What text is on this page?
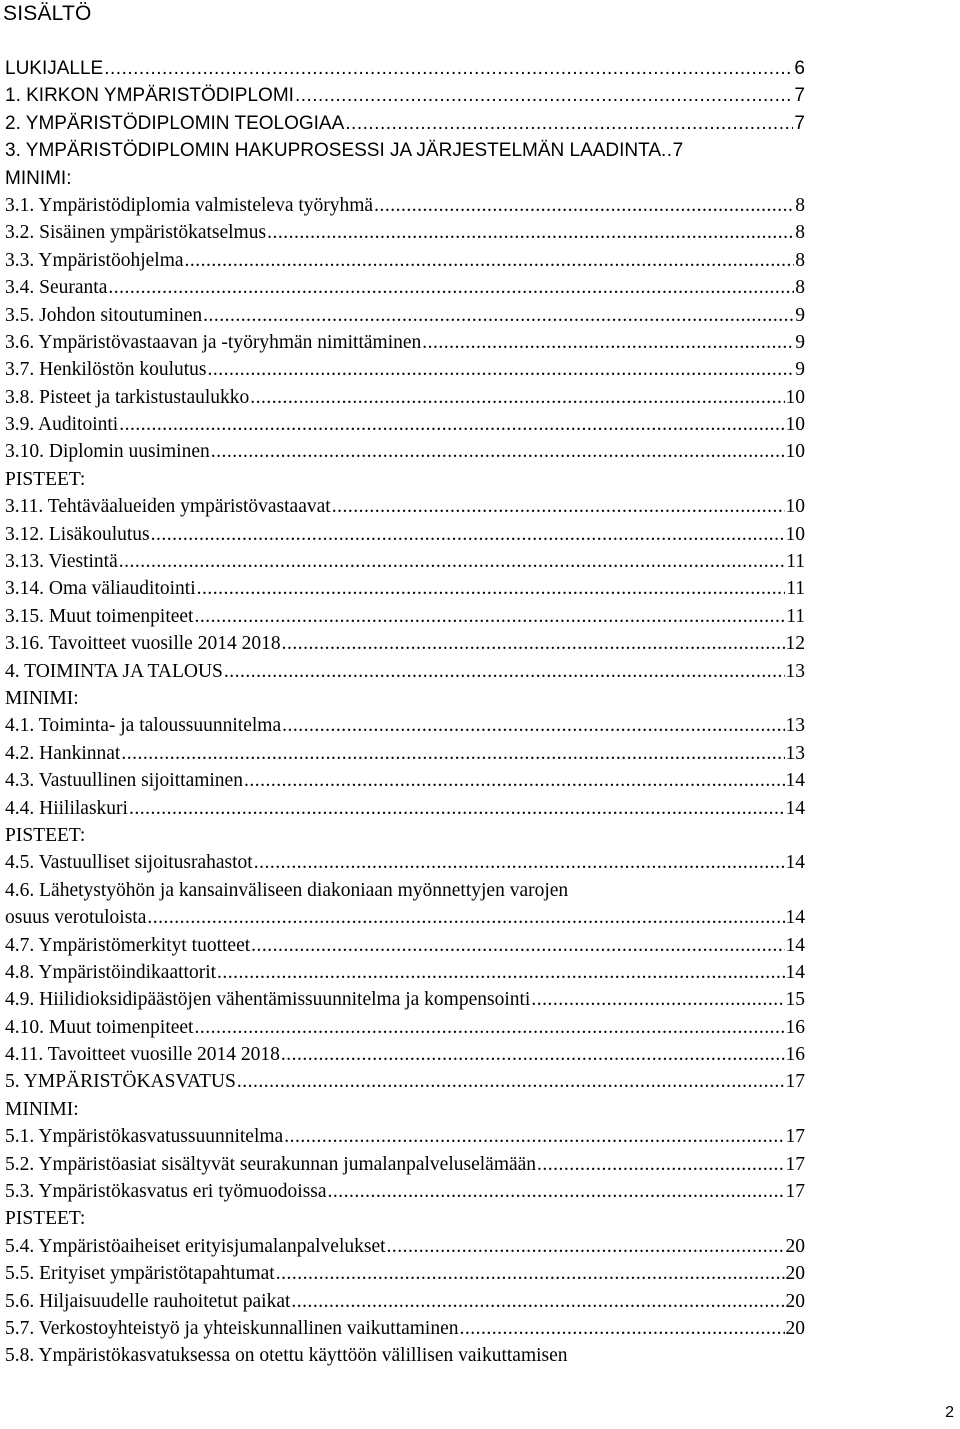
SISÄLTÖ
LUKIJALLE .....	6
1. KIRKON YMPÄRISTÖDIPLOMI .....	7
2. YMPÄRISTÖDIPLOMIN TEOLOGIAA .....	7
3. YMPÄRISTÖDIPLOMIN HAKUPROSESSI JA JÄRJESTELMÄN LAADINTA .. 7
MINIMI:
3.1. Ympäristödiplomia valmisteleva työryhmä .....	8
3.2. Sisäinen ympäristökatselmus .....	8
3.3. Ympäristöohjelma .....	8
3.4. Seuranta .....	8
3.5. Johdon sitoutuminen .....	9
3.6. Ympäristövastaavan ja -työryhmän nimittäminen .....	9
3.7. Henkilöstön koulutus .....	9
3.8. Pisteet ja tarkistustaulukko .....	10
3.9. Auditointi .....	10
3.10. Diplomin uusiminen .....	10
PISTEET:
3.11. Tehtäväalueiden ympäristövastaavat .....	10
3.12. Lisäkoulutus .....	10
3.13. Viestintä .....	11
3.14. Oma väliauditointi .....	11
3.15. Muut toimenpiteet .....	11
3.16. Tavoitteet vuosille 2014 2018 .....	12
4. TOIMINTA JA TALOUS .....	13
MINIMI:
4.1. Toiminta- ja taloussuunnitelma .....	13
4.2. Hankinnat .....	13
4.3. Vastuullinen sijoittaminen .....	14
4.4. Hiililaskuri .....	14
PISTEET:
4.5. Vastuulliset sijoitusrahastot .....	14
4.6. Lähetystyöhön ja kansainväliseen diakoniaan myönnettyjen varojen
osuus verotuloista .....	14
4.7. Ympäristömerkityt tuotteet .....	14
4.8. Ympäristöindikaattorit .....	14
4.9. Hiilidioksidipäästöjen vähentämissuunnitelma ja kompensointi .....	15
4.10. Muut toimenpiteet .....	16
4.11. Tavoitteet vuosille 2014 2018 .....	16
5. YMPÄRISTÖKASVATUS .....	17
MINIMI:
5.1. Ympäristökasvatussuunnitelma .....	17
5.2. Ympäristöasiat sisältyvät seurakunnan jumalanpalveluselämään .....	17
5.3. Ympäristökasvatus eri työmuodoissa .....	17
PISTEET:
5.4. Ympäristöaiheiset erityisjumalanpalvelukset .....	20
5.5. Erityiset ympäristötapahtumat .....	20
5.6. Hiljaisuudelle rauhoitetut paikat .....	20
5.7. Verkostoyhteistyö ja yhteiskunnallinen vaikuttaminen .....	20
5.8. Ympäristökasvatuksessa on otettu käyttöön välillisen vaikuttamisen
2
